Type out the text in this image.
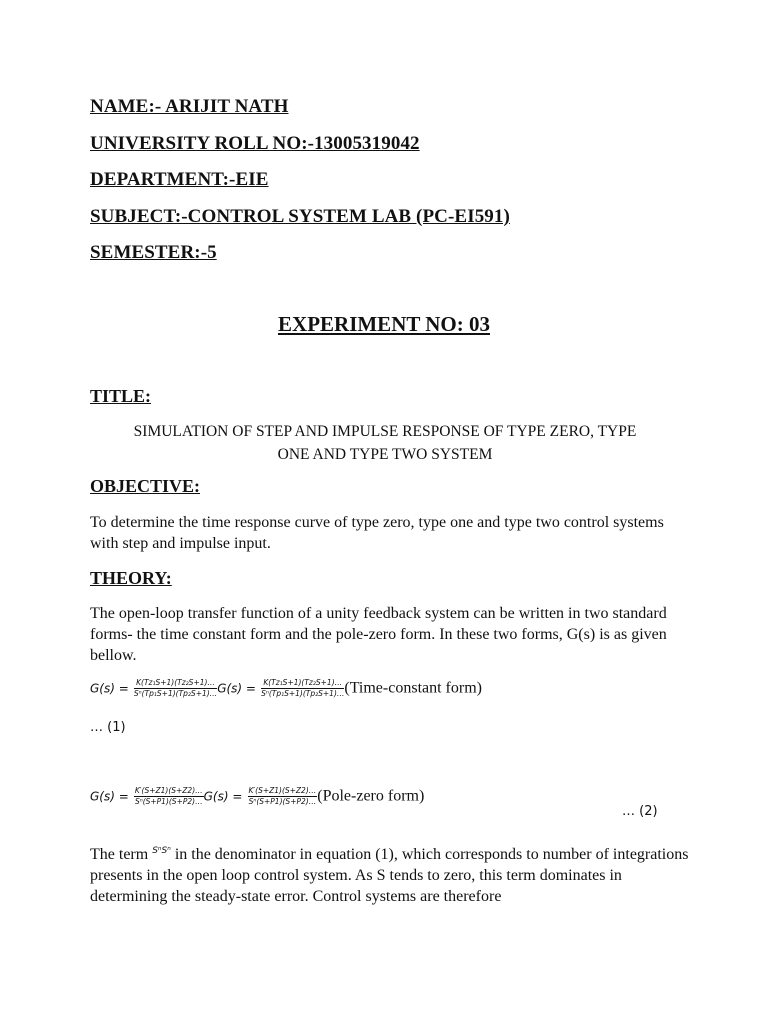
NAME:- ARIJIT NATH
UNIVERSITY ROLL NO:-13005319042
DEPARTMENT:-EIE
SUBJECT:-CONTROL SYSTEM LAB (PC-EI591)
SEMESTER:-5
EXPERIMENT NO: 03
TITLE:
SIMULATION OF STEP AND IMPULSE RESPONSE OF TYPE ZERO, TYPE
ONE AND TYPE TWO SYSTEM
OBJECTIVE:
To determine the time response curve of type zero, type one and type two control systems with step and impulse input.
THEORY:
The open-loop transfer function of a unity feedback system can be written in two standard forms- the time constant form and the pole-zero form. In these two forms, G(s) is as given bellow.
$G(s) = \frac{\text{K(Tz₁S+1)(Tz₂S+1)…}}{\text{Sⁿ(Tp₁S+1)(Tp₂S+1)…}} G(s) = \frac{\text{K(Tz₁S+1)(Tz₂S+1)…}}{\text{Sⁿ(Tp₁S+1)(Tp₂S+1)…}}$ (Time-constant form)
… (1)
$G(s) = \frac{K'(S+Z1)(S+Z2)\dots}{\text{Sⁿ(S+P1)(S+P2)…}} G(s) = \frac{K'(S+Z1)(S+Z2)\dots}{\text{Sⁿ(S+P1)(S+P2)…}}$ (Pole-zero form)
… (2)
The term $^{S^nS^n}$ in the denominator in equation (1), which corresponds to number of integrations presents in the open loop control system. As S tends to zero, this term dominates in determining the steady-state error. Control systems are therefore
